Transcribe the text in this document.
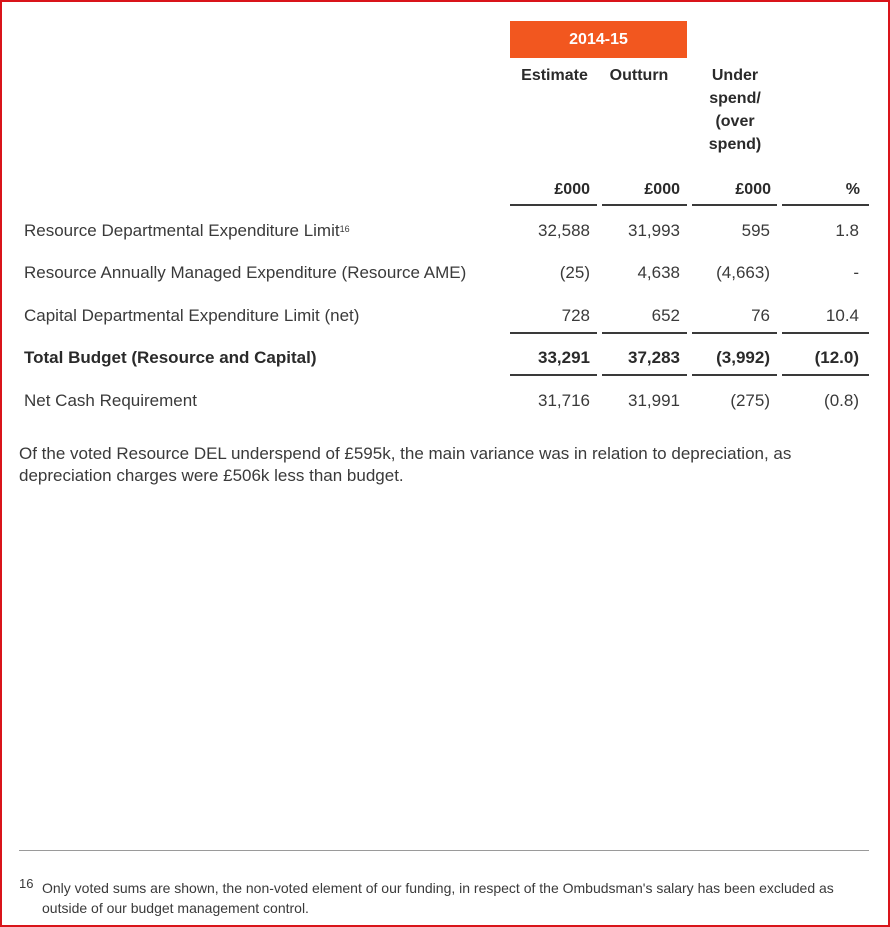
2014-15
Estimate	Outturn	Under
spend/
(over
spend)
£000	£000	£000	%
Resource Departmental Expenditure Limit$^{16}$	32,588	31,993	595	1.8
Resource Annually Managed Expenditure (Resource AME)	(25)	4,638	(4,663)	-
Capital Departmental Expenditure Limit (net)	728	652	76	10.4
Total Budget (Resource and Capital)	33,291	37,283	(3,992)	(12.0)
Net Cash Requirement	31,716	31,991	(275)	(0.8)

Of the voted Resource DEL underspend of £595k, the main variance was in relation to depreciation, as depreciation charges were £506k less than budget.

16 Only voted sums are shown, the non-voted element of our funding, in respect of the Ombudsman's salary has been excluded as outside of our budget management control.
